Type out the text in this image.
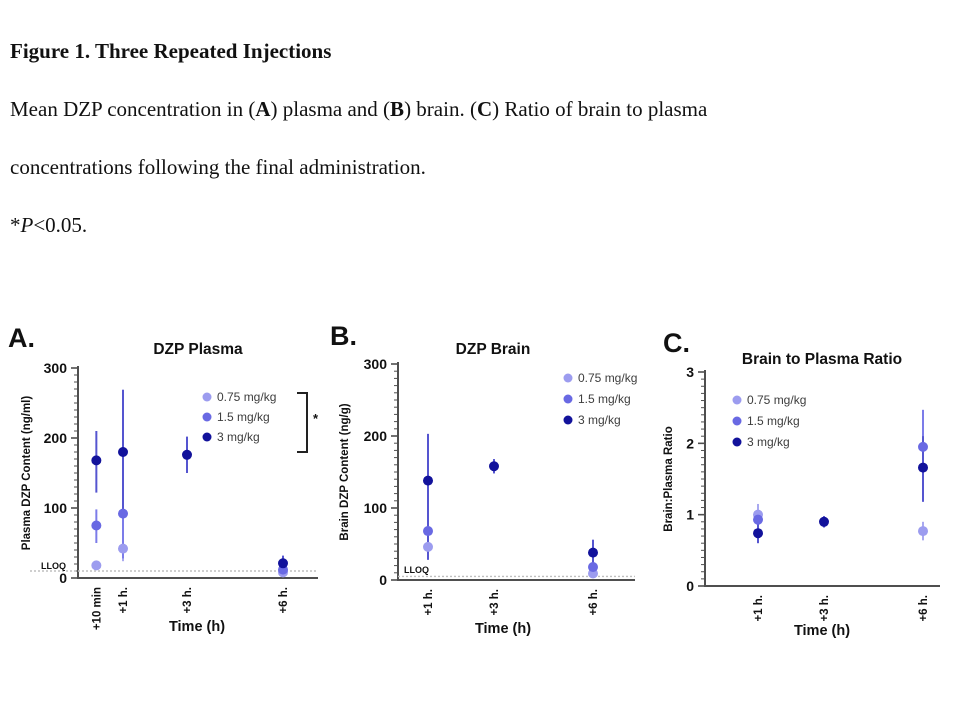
Figure 1. Three Repeated Injections
Mean DZP concentration in (A) plasma and (B) brain. (C) Ratio of brain to plasma
concentrations following the final administration.
*P<0.05.
A.	DZP Plasma
Plasma DZP Content (ng/ml)
Time (h)
0
100
200
300
+10 min +1 h.	+3 h.	+6 h.
LLOQ
0.75 mg/kg
1.5 mg/kg
3 mg/kg
*
B.	DZP Brain
Brain DZP Content (ng/g)
Time (h)
0
100
200
300
+1 h.	+3 h.	+6 h.
LLOQ
0.75 mg/kg
1.5 mg/kg
3 mg/kg
C.
Brain to Plasma Ratio
Brain:Plasma Ratio
Time (h)
0
1
2
3
+1 h.	+3 h.	+6 h.
0.75 mg/kg
1.5 mg/kg
3 mg/kg
